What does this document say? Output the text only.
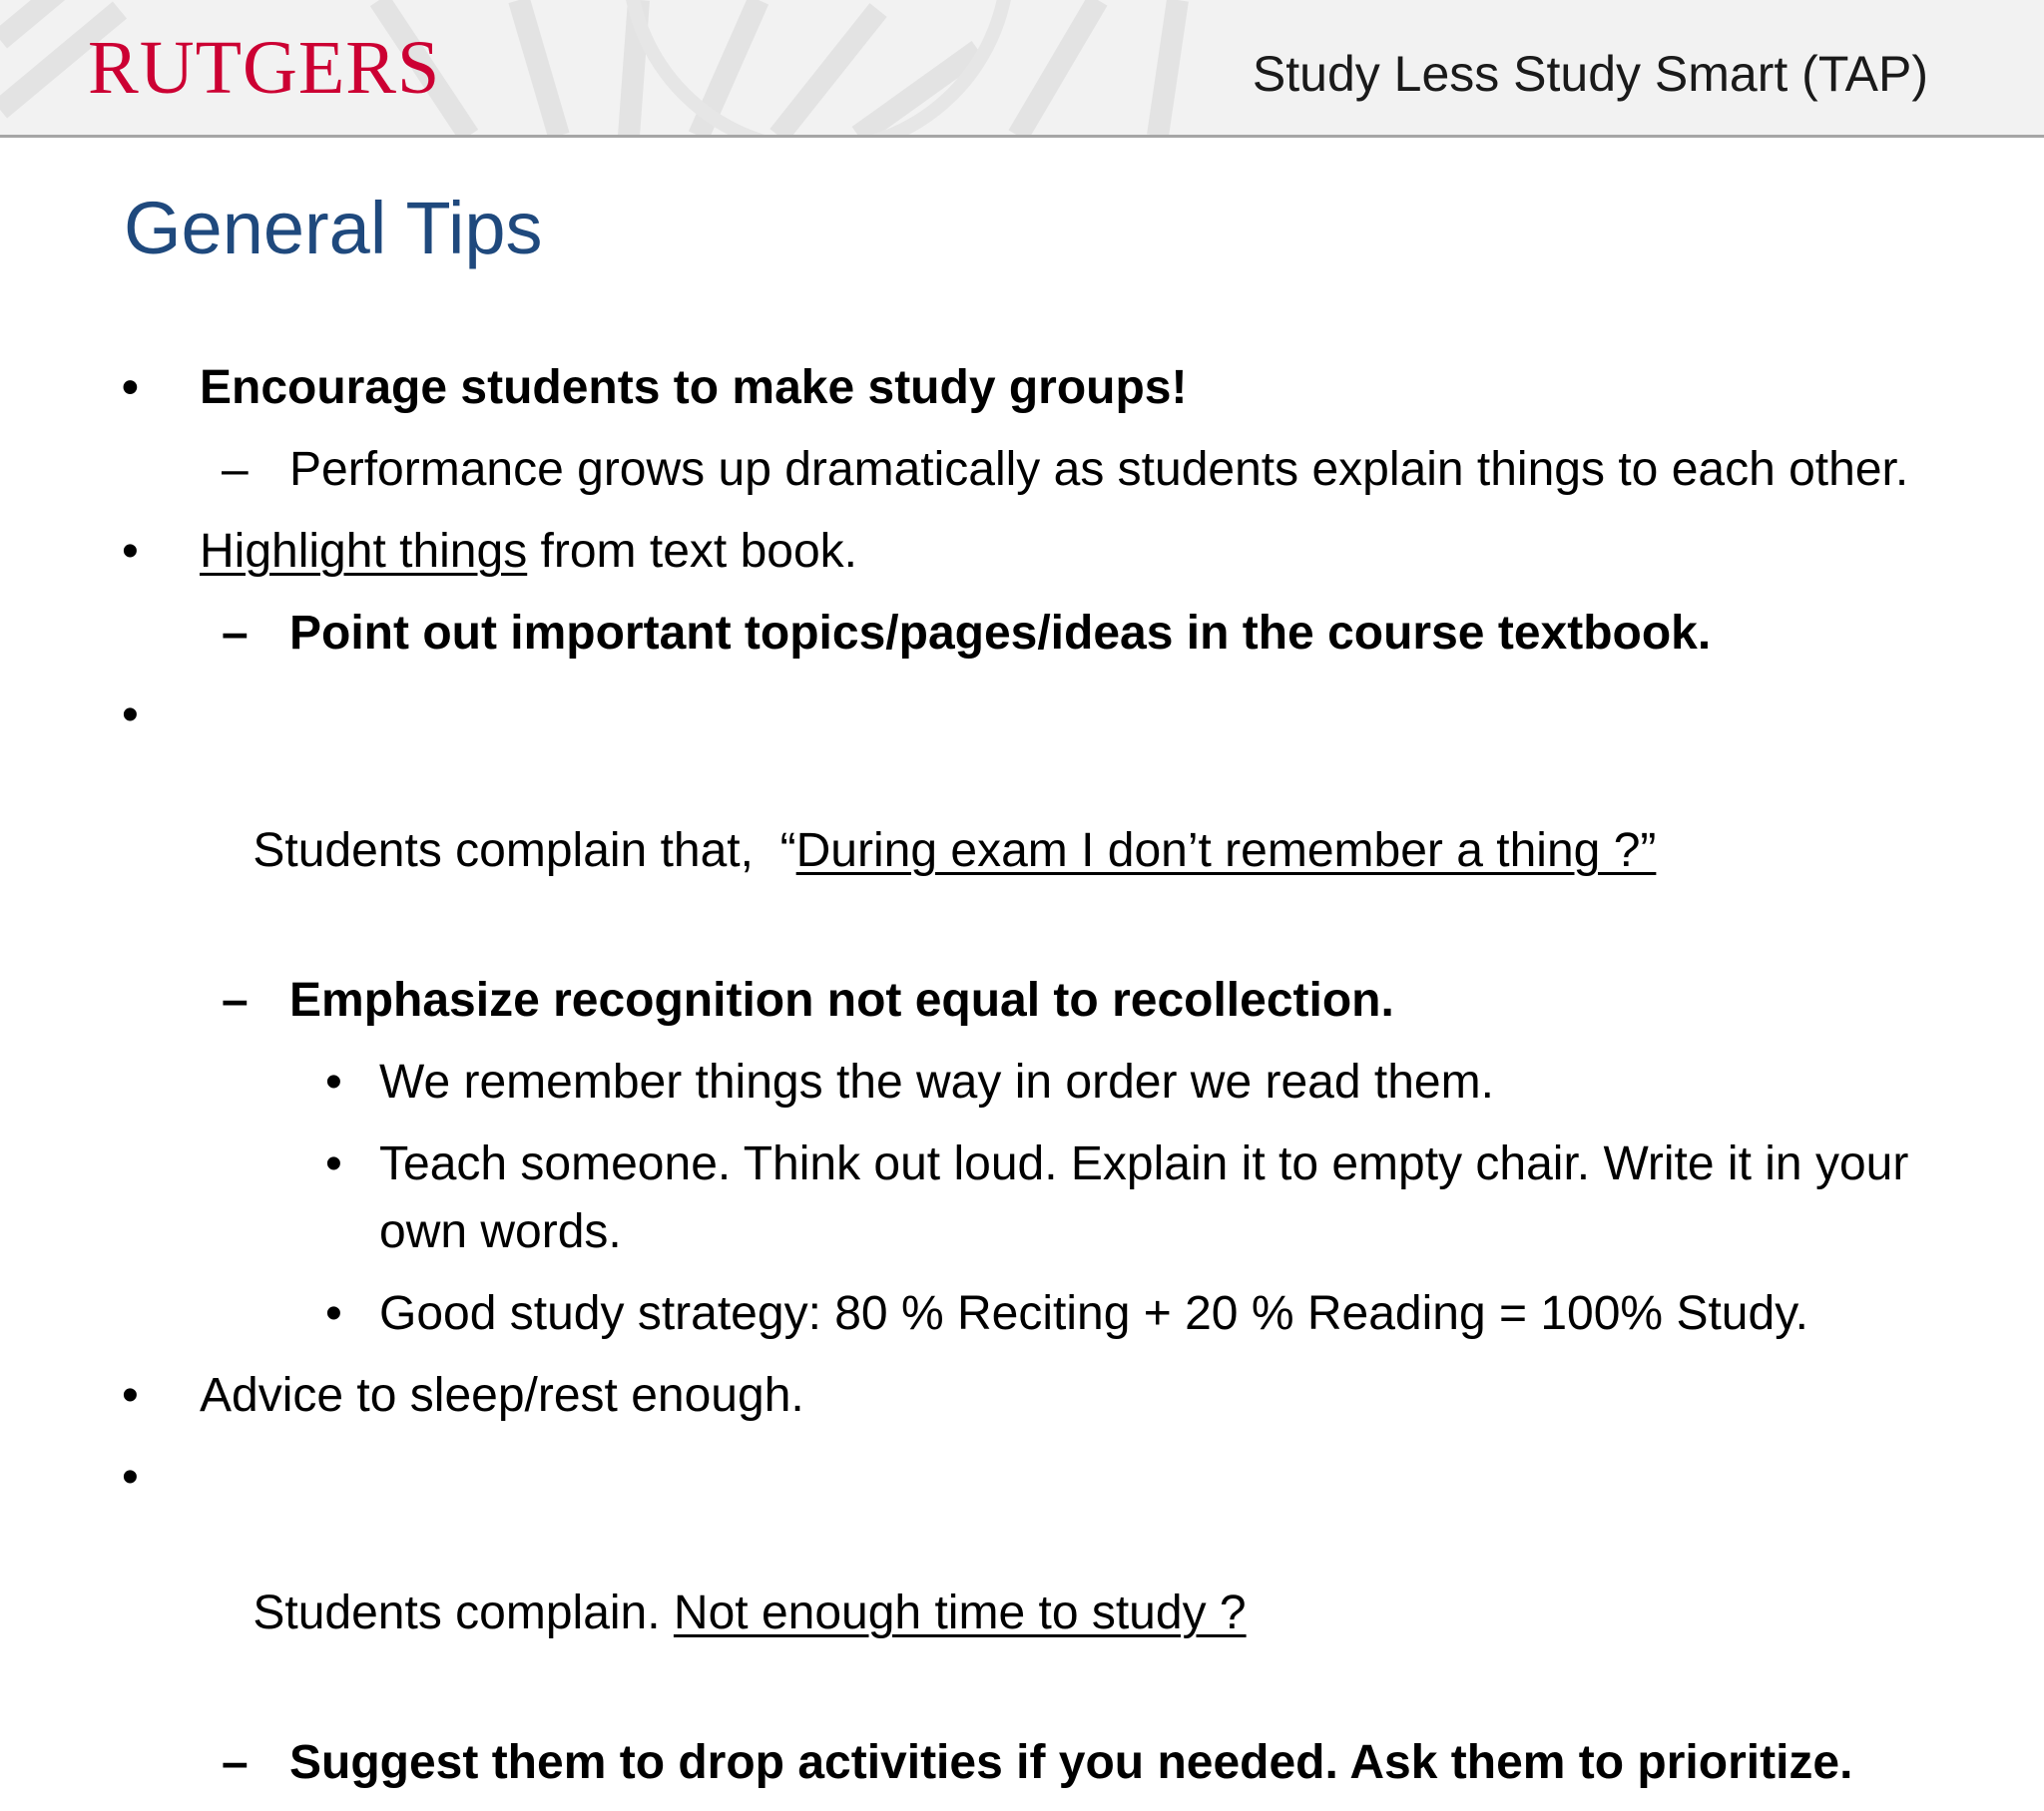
RUTGERS	Study Less Study Smart (TAP)
General Tips
• Encourage students to make study groups!
– Performance grows up dramatically as students explain things to each other.
• Highlight things from text book.
– Point out important topics/pages/ideas in the course textbook.

•

Students complain that,  “During exam I don’t remember a thing ?”

– Emphasize recognition not equal to recollection.
• We remember things the way in order we read them.
• Teach someone. Think out loud. Explain it to empty chair. Write it in your own words.
• Good study strategy: 80 % Reciting + 20 % Reading = 100% Study.
• Advice to sleep/rest enough.

•

Students complain. Not enough time to study ?

– Suggest them to drop activities if you needed. Ask them to prioritize.
